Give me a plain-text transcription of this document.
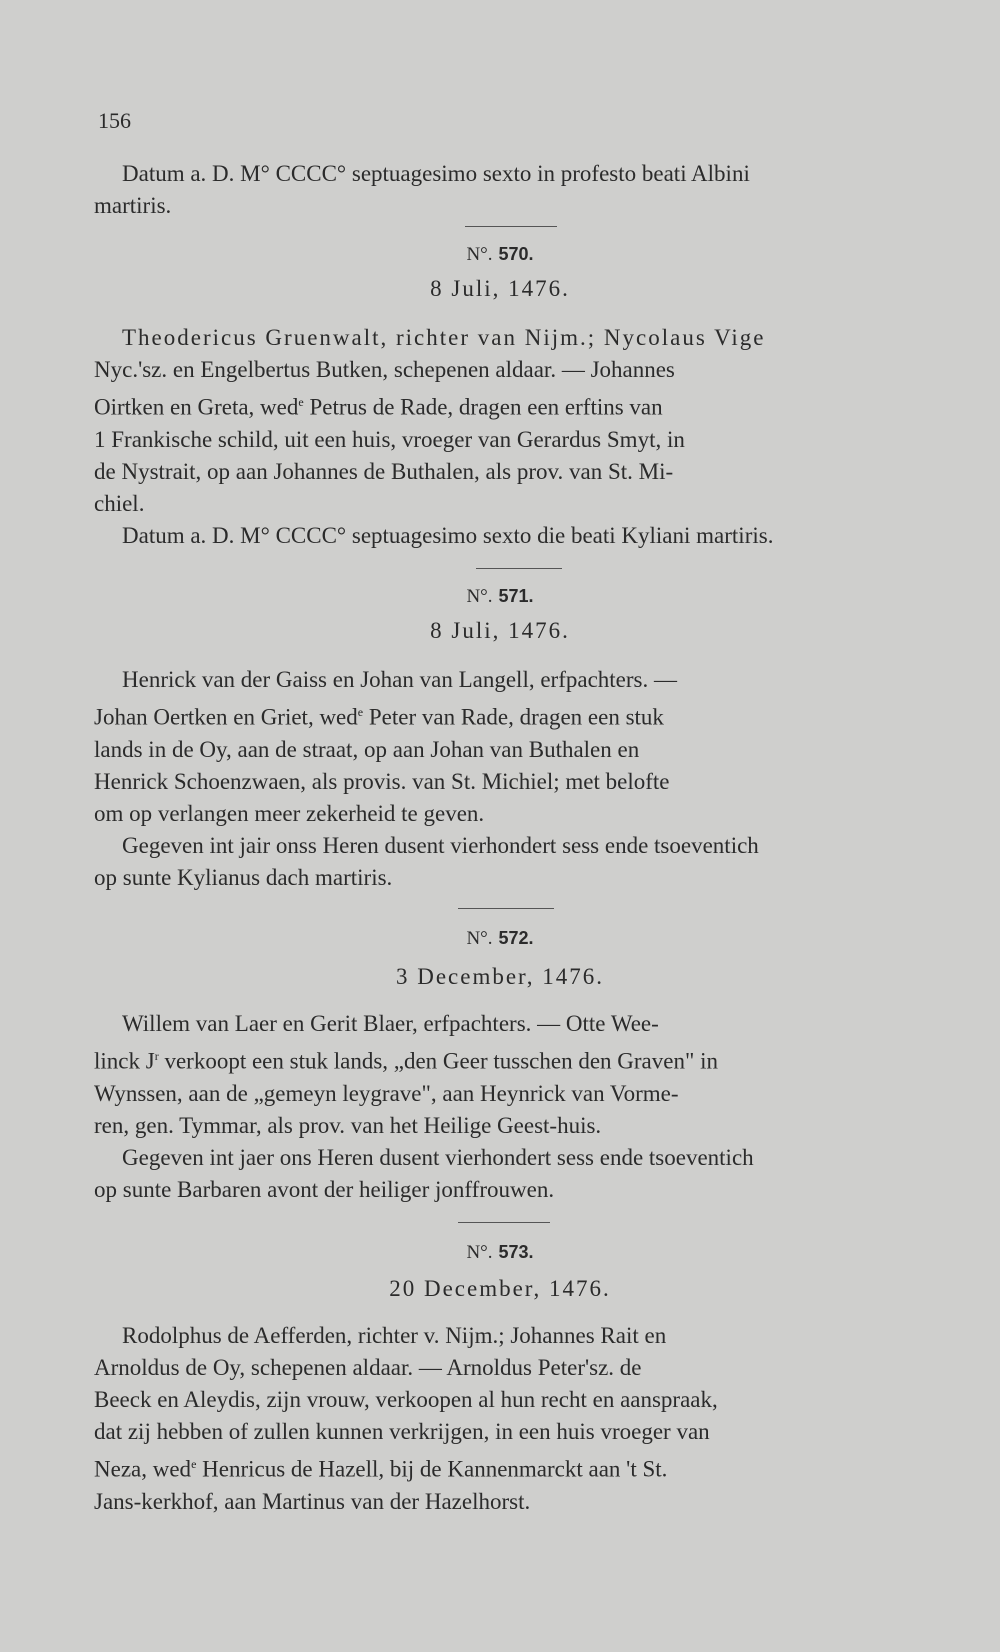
156

Datum a. D. M° CCCC° septuagesimo sexto in profesto beati Albini

martiris.

N°. 570.
8 Juli, 1476.

Theodericus Gruenwalt, richter van Nijm.; Nycolaus Vige

Nyc.'sz. en Engelbertus Butken, schepenen aldaar. — Johannes

Oirtken en Greta, wed$^e$ Petrus de Rade, dragen een erftins van

1 Frankische schild, uit een huis, vroeger van Gerardus Smyt, in

de Nystrait, op aan Johannes de Buthalen, als prov. van St. Mi-

chiel.

Datum a. D. M° CCCC° septuagesimo sexto die beati Kyliani martiris.

N°. 571.
8 Juli, 1476.

Henrick van der Gaiss en Johan van Langell, erfpachters. —

Johan Oertken en Griet, wed$^e$ Peter van Rade, dragen een stuk

lands in de Oy, aan de straat, op aan Johan van Buthalen en

Henrick Schoenzwaen, als provis. van St. Michiel; met belofte

om op verlangen meer zekerheid te geven.

Gegeven int jair onss Heren dusent vierhondert sess ende tsoeventich

op sunte Kylianus dach martiris.

N°. 572.
3 December, 1476.

Willem van Laer en Gerit Blaer, erfpachters. — Otte Wee-

linck $J^r$ verkoopt een stuk lands, „den Geer tusschen den Graven" in

Wynssen, aan de „gemeyn leygrave", aan Heynrick van Vorme-

ren, gen. Tymmar, als prov. van het Heilige Geest-huis.

Gegeven int jaer ons Heren dusent vierhondert sess ende tsoeventich

op sunte Barbaren avont der heiliger jonffrouwen.

N°. 573.
20 December, 1476.

Rodolphus de Aefferden, richter v. Nijm.; Johannes Rait en

Arnoldus de Oy, schepenen aldaar. — Arnoldus Peter'sz. de

Beeck en Aleydis, zijn vrouw, verkoopen al hun recht en aanspraak,

dat zij hebben of zullen kunnen verkrijgen, in een huis vroeger van

Neza, wed$^e$ Henricus de Hazell, bij de Kannenmarckt aan 't St.

Jans-kerkhof, aan Martinus van der Hazelhorst.
